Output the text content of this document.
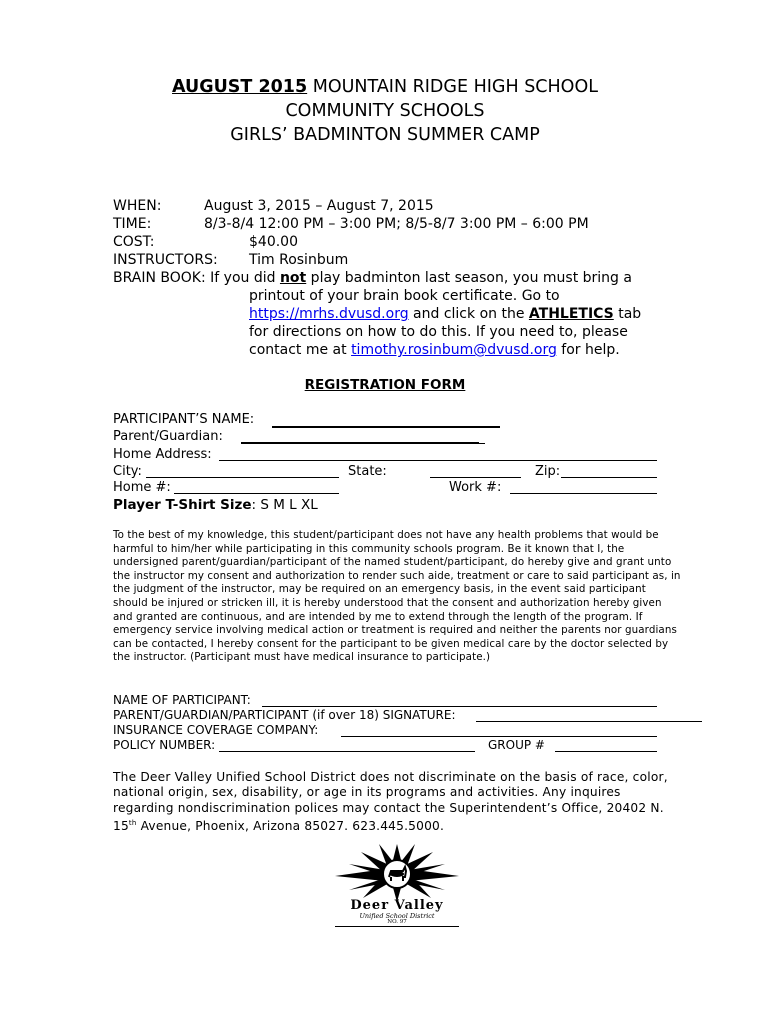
AUGUST 2015 MOUNTAIN RIDGE HIGH SCHOOL
COMMUNITY SCHOOLS
GIRLS’ BADMINTON SUMMER CAMP
WHEN:	August 3, 2015 – August 7, 2015
TIME:	8/3-8/4 12:00 PM – 3:00 PM; 8/5-8/7 3:00 PM – 6:00 PM
COST:	$40.00
INSTRUCTORS: Tim Rosinbum
BRAIN BOOK: If you did not play badminton last season, you must bring a
printout of your brain book certificate. Go to
https://mrhs.dvusd.org and click on the ATHLETICS tab
for directions on how to do this. If you need to, please
contact me at timothy.rosinbum@dvusd.org for help.
REGISTRATION FORM
PARTICIPANT’S NAME:
Parent/Guardian:
Home Address:
City:	State:	Zip:
Home #:	Work #:
Player T-Shirt Size: S M L XL

To the best of my knowledge, this student/participant does not have any health problems that would be harmful to him/her while participating in this community schools program. Be it known that I, the undersigned parent/guardian/participant of the named student/participant, do hereby give and grant unto the instructor my consent and authorization to render such aide, treatment or care to said participant as, in the judgment of the instructor, may be required on an emergency basis, in the event said participant should be injured or stricken ill, it is hereby understood that the consent and authorization hereby given and granted are continuous, and are intended by me to extend through the length of the program. If emergency service involving medical action or treatment is required and neither the parents nor guardians can be contacted, I hereby consent for the participant to be given medical care by the doctor selected by the instructor. (Participant must have medical insurance to participate.)

NAME OF PARTICIPANT:
PARENT/GUARDIAN/PARTICIPANT (if over 18) SIGNATURE:
INSURANCE COVERAGE COMPANY:
POLICY NUMBER:	GROUP #

The Deer Valley Unified School District does not discriminate on the basis of race, color,

national origin, sex, disability, or age in its programs and activities. Any inquires

regarding nondiscrimination polices may contact the Superintendent’s Office, 20402 N.

15th Avenue, Phoenix, Arizona 85027. 623.445.5000.

Deer Valley
Unified School District
NO. 97
